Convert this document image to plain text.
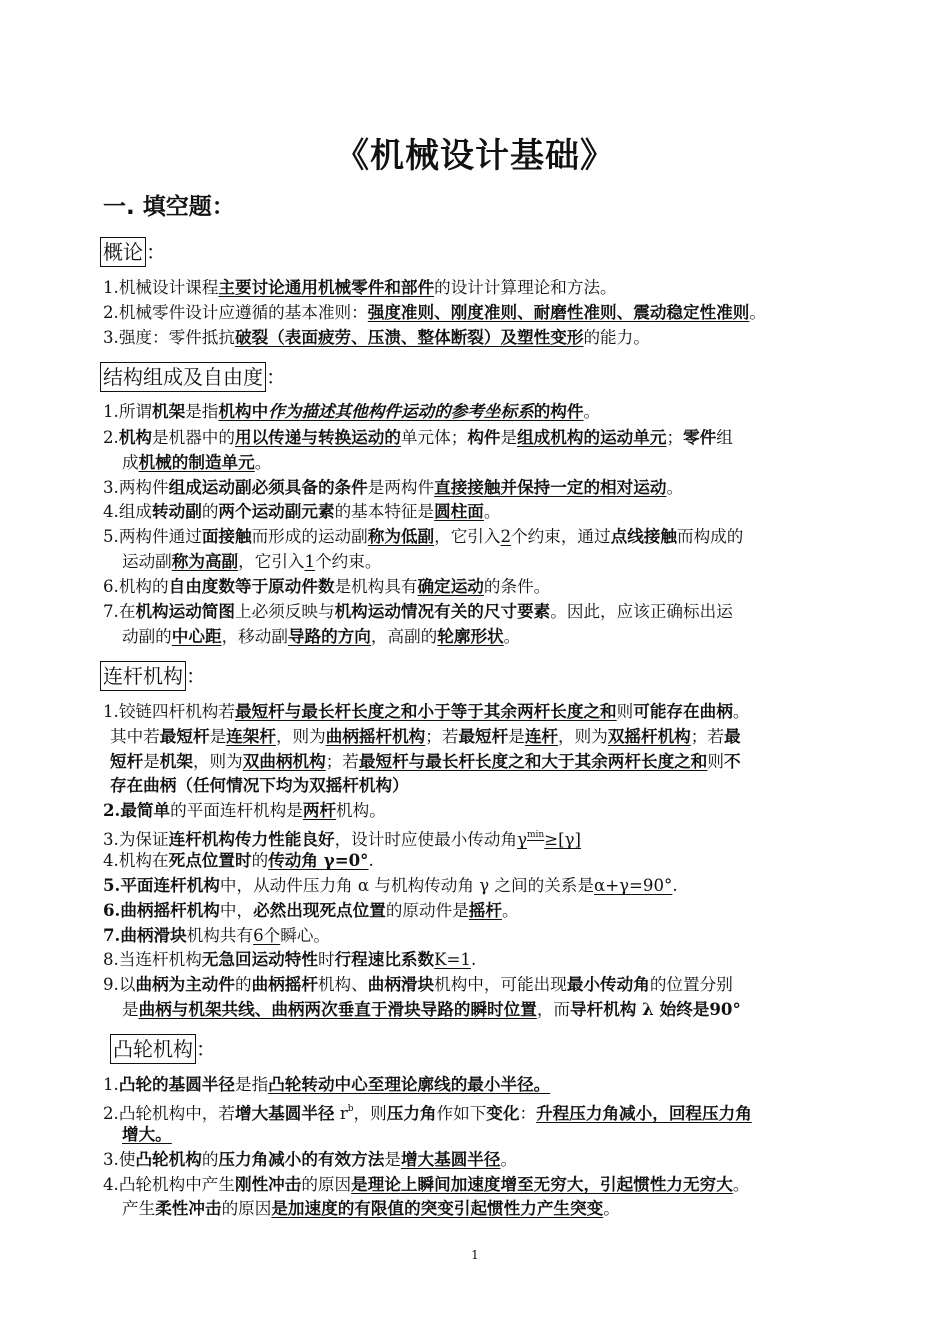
《机械设计基础》
一. 填空题：
概论 ：
1.机械设计课程主要讨论通用机械零件和部件的设计计算理论和方法。
2.机械零件设计应遵循的基本准则：强度准则、刚度准则、耐磨性准则、震动稳定性准则。
3.强度：零件抵抗破裂（表面疲劳、压溃、整体断裂）及塑性变形的能力。
结构组成及自由度 ：
1.所谓机架是指机构中作为描述其他构件运动的参考坐标系的构件。
2.机构是机器中的用以传递与转换运动的单元体；构件是组成机构的运动单元；零件组
成机械的制造单元。
3.两构件组成运动副必须具备的条件是两构件直接接触并保持一定的相对运动。
4.组成转动副的两个运动副元素的基本特征是圆柱面。
5.两构件通过面接触而形成的运动副称为低副，它引入2个约束，通过点线接触而构成的
运动副称为高副，它引入1个约束。
6.机构的自由度数等于原动件数是机构具有确定运动的条件。
7.在机构运动简图上必须反映与机构运动情况有关的尺寸要素。因此，应该正确标出运
动副的中心距，移动副导路的方向，高副的轮廓形状。
连杆机构 ：
1.铰链四杆机构若最短杆与最长杆长度之和小于等于其余两杆长度之和则可能存在曲柄。
其中若最短杆是连架杆，则为曲柄摇杆机构；若最短杆是连杆，则为双摇杆机构；若最
短杆是机架，则为双曲柄机构；若最短杆与最长杆长度之和大于其余两杆长度之和则不
存在曲柄（任何情况下均为双摇杆机构）
2.最简单的平面连杆机构是两杆机构。
3.为保证连杆机构传力性能良好，设计时应使最小传动角$\gamma^{min}\ge[\gamma]$
4.机构在死点位置时的传动角 γ=0°.
5.平面连杆机构中，从动件压力角 α 与机构传动角 γ 之间的关系是α+γ=90°.
6.曲柄摇杆机构中，必然出现死点位置的原动件是摇杆。
7.曲柄滑块机构共有6个瞬心。
8.当连杆机构无急回运动特性时行程速比系数K=1.
9.以曲柄为主动件的曲柄摇杆机构、曲柄滑块机构中，可能出现最小传动角的位置分别
是曲柄与机架共线、曲柄两次垂直于滑块导路的瞬时位置，而导杆机构 λ 始终是90°
凸轮机构 ：
1.凸轮的基圆半径是指凸轮转动中心至理论廓线的最小半径。
2.凸轮机构中，若增大基圆半径 $r^b$，则压力角作如下变化：升程压力角减小，回程压力角
增大。
3.使凸轮机构的压力角减小的有效方法是增大基圆半径。
4.凸轮机构中产生刚性冲击的原因是理论上瞬间加速度增至无穷大，引起惯性力无穷大。
产生柔性冲击的原因是加速度的有限值的突变引起惯性力产生突变。
1
